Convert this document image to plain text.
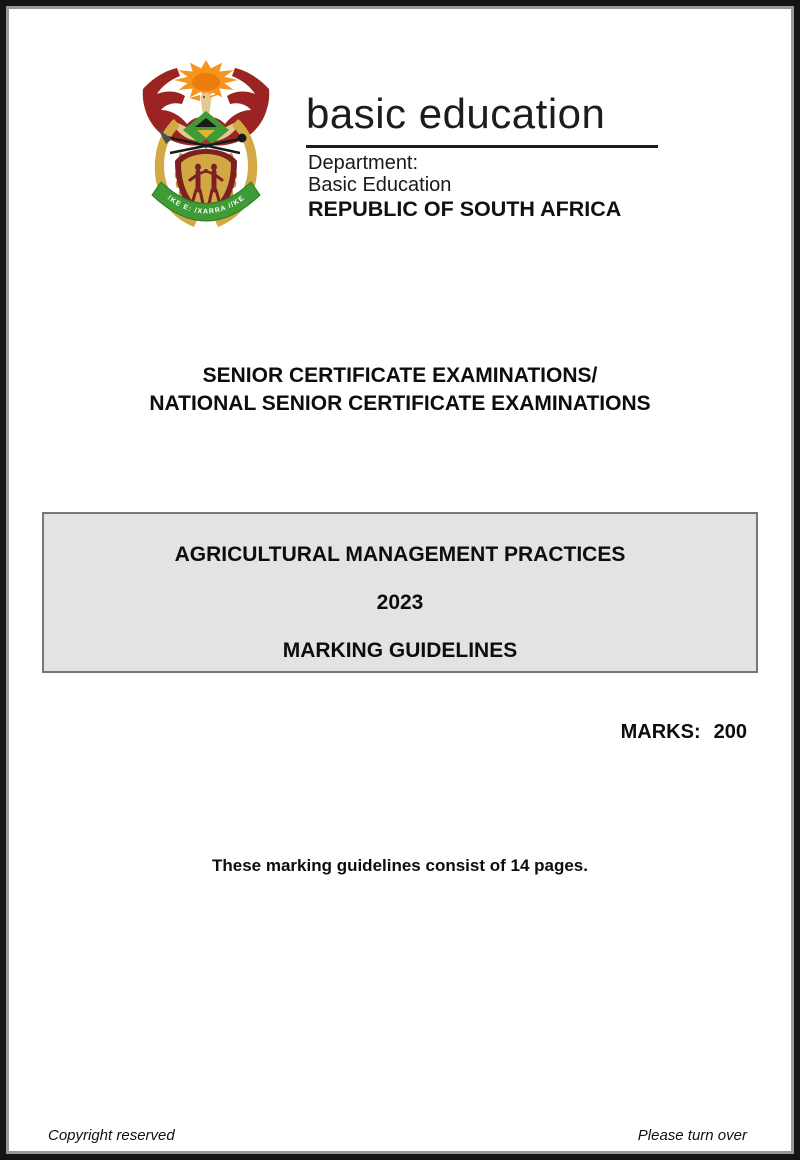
!KE E: /XARRA //KE
basic education
Department:
Basic Education
REPUBLIC OF SOUTH AFRICA
SENIOR CERTIFICATE EXAMINATIONS/
NATIONAL SENIOR CERTIFICATE EXAMINATIONS
AGRICULTURAL MANAGEMENT PRACTICES
2023
MARKING GUIDELINES
MARKS: 200
These marking guidelines consist of 14 pages.
Copyright reserved	Please turn over
